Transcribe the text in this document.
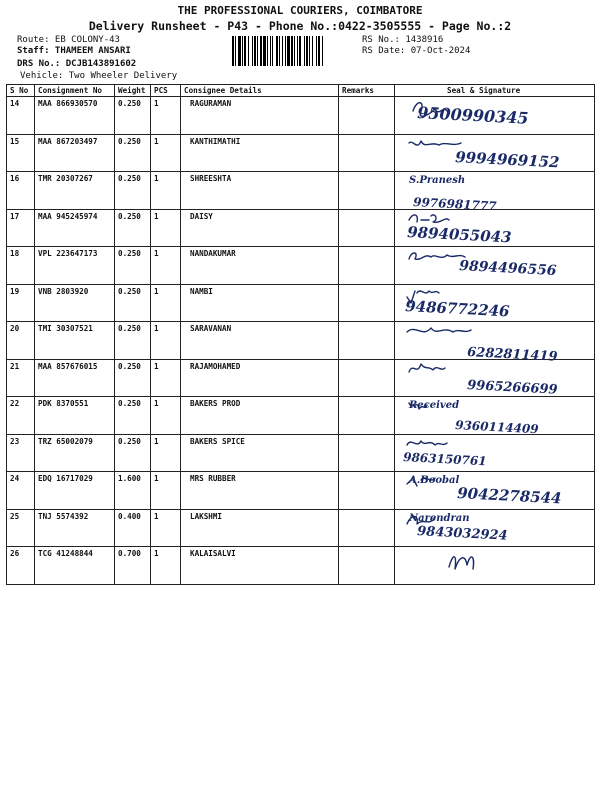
THE PROFESSIONAL COURIERS, COIMBATORE
Delivery Runsheet - P43 - Phone No.:0422-3505555 - Page No.:2
Route: EB COLONY-43
Staff: THAMEEM ANSARI
DRS No.: DCJB143891602
Vehicle: Two Wheeler Delivery
RS No.: 1438916
RS Date: 07-Oct-2024
S No	Consignment No	Weight	PCS	Consignee Details	Remarks	Seal & Signature
14	MAA 866930570	0.250	1	RAGURAMAN		9500990345

15	MAA 867203497	0.250	1	KANTHIMATHI		9994969152

16	TMR 20307267	0.250	1	SHREESHTA		S.Pranesh
9976981777

17	MAA 945245974	0.250	1	DAISY		9894055043

18	VPL 223647173	0.250	1	NANDAKUMAR		9894496556

19	VNB 2803920	0.250	1	NAMBI		9486772246

20	TMI 30307521	0.250	1	SARAVANAN		6282811419

21	MAA 857676015	0.250	1	RAJAMOHAMED		9965266699

22	PDK 8370551	0.250	1	BAKERS PROD		Received
9360114409

23	TRZ 65002079	0.250	1	BAKERS SPICE		9863150761

24	EDQ 16717029	1.600	1	MRS RUBBER		A.Boobal
9042278544

25	TNJ 5574392	0.400	1	LAKSHMI		Narendran
9843032924

26	TCG 41248844	0.700	1	KALAISALVI		
